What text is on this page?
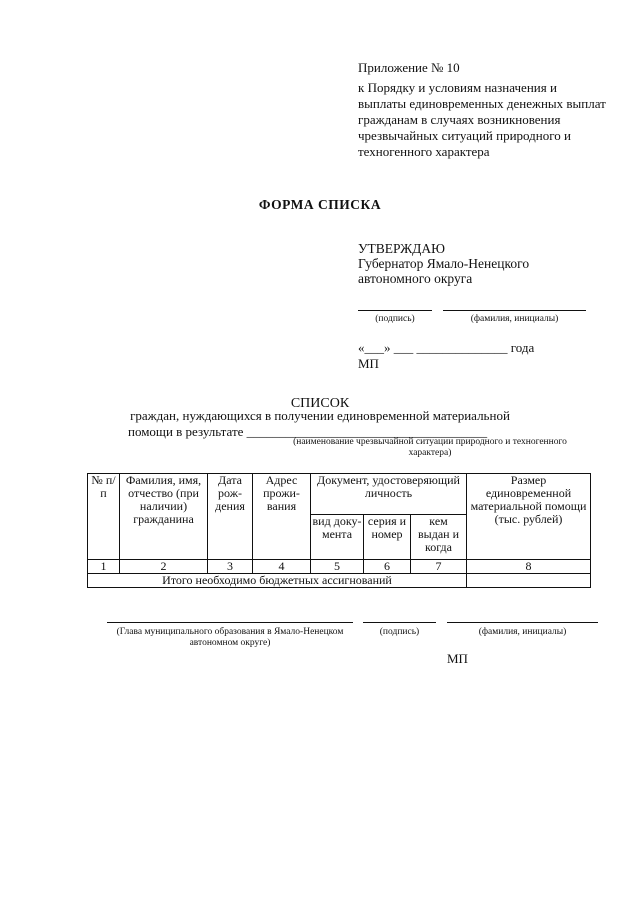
Приложение № 10
к Порядку и условиям назначения и выплаты единовременных денежных выплат гражданам в случаях возникновения чрезвычайных ситуаций природного и техногенного характера
ФОРМА СПИСКА
УТВЕРЖДАЮ
Губернатор Ямало-Ненецкого
автономного округа
(подпись)	(фамилия, инициалы)
«___» ___ ______________ года
МП
СПИСОК
граждан, нуждающихся в получении единовременной материальной
помощи в результате _____________________________________
(наименование чрезвычайной ситуации природного и техногенного характера)
№ п/п	Фамилия, имя, отчество (при наличии) гражданина	Дата рож-дения	Адрес прожи-вания	Документ, удостоверяющий личность			Размер единовременной материальной помощи (тыс. рублей)
				вид доку-мента	серия и номер	кем выдан и когда	
1	2	3	4	5	6	7	8
Итого необходимо бюджетных ассигнований							
(Глава муниципального образования в Ямало-Ненецком автономном округе)
(подпись)	(фамилия, инициалы)
МП
